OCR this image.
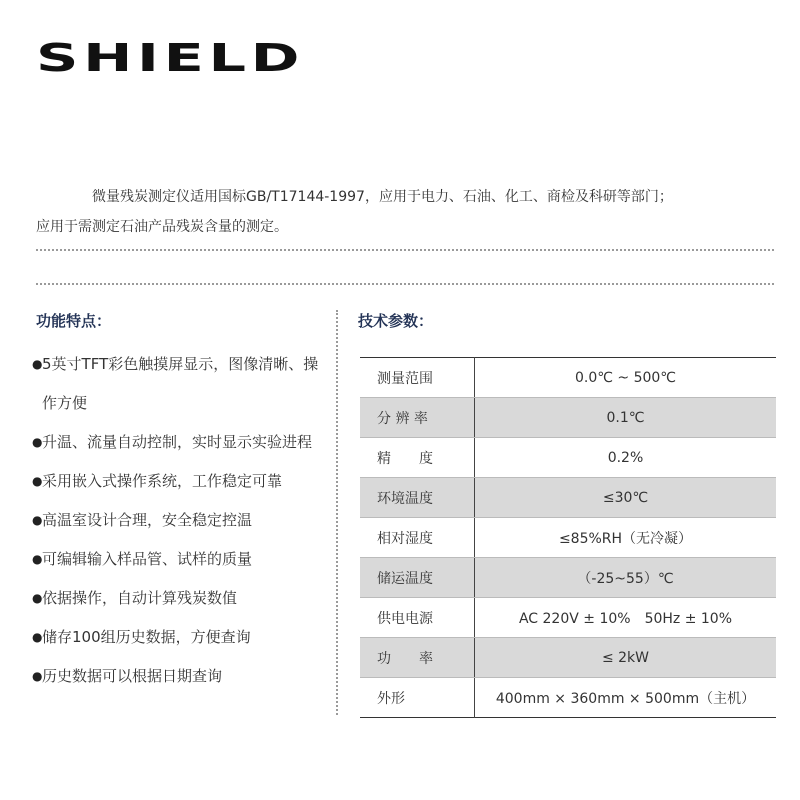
SHIELD
微量残炭测定仪适用国标GB/T17144-1997，应用于电力、石油、化工、商检及科研等部门；
应用于需测定石油产品残炭含量的测定。
功能特点：	技术参数：
● 5英寸TFT彩色触摸屏显示，图像清晰、操作方便
● 升温、流量自动控制，实时显示实验进程
● 采用嵌入式操作系统，工作稳定可靠
● 高温室设计合理，安全稳定控温
● 可编辑输入样品管、试样的质量
● 依据操作，自动计算残炭数值
● 储存100组历史数据，方便查询
● 历史数据可以根据日期查询
测量范围	0.0℃ ~ 500℃
分 辨 率	0.1℃
精　　度	0.2%
环境温度	≤30℃
相对湿度	≤85%RH（无冷凝）
储运温度	（-25~55）℃
供电电源	AC 220V ± 10%　50Hz ± 10%
功　　率	≤ 2kW
外形	400mm × 360mm × 500mm（主机）
